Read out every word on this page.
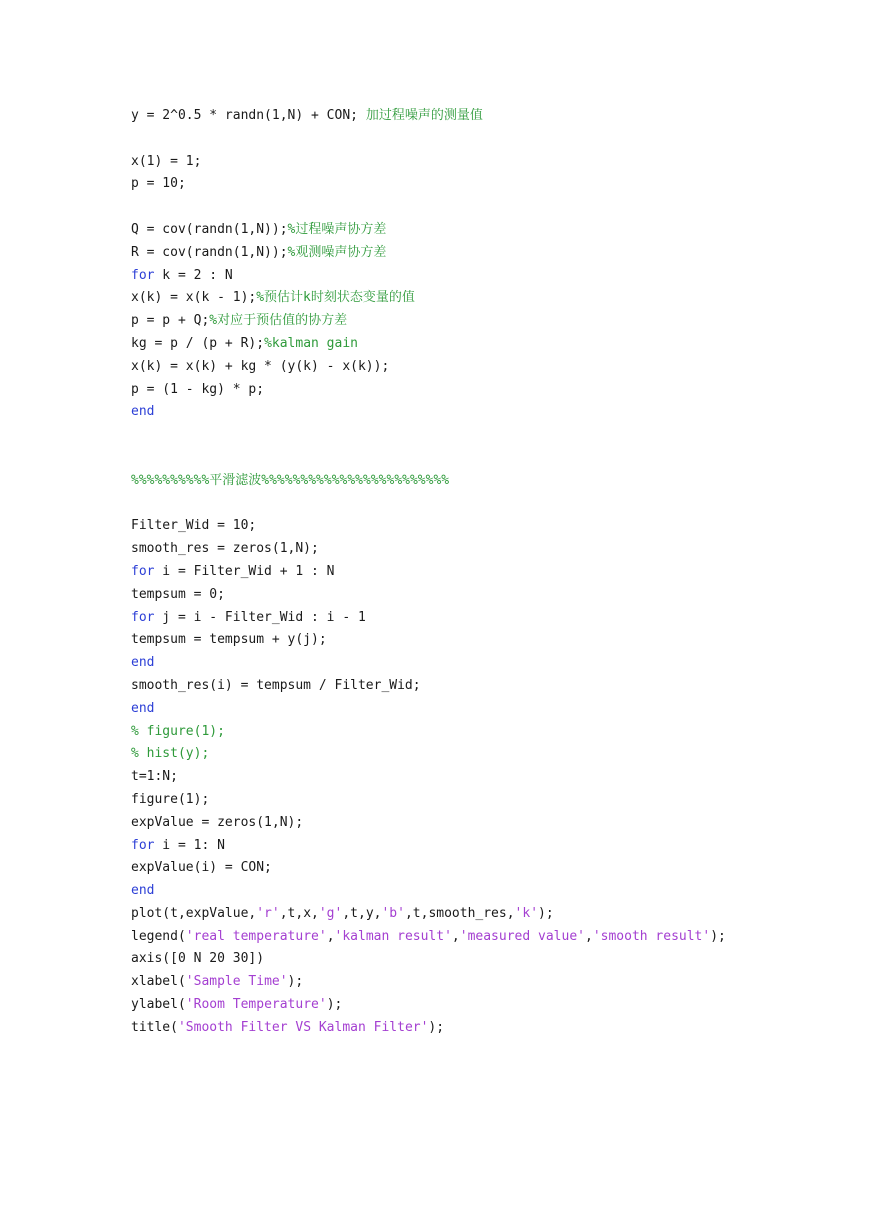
y = 2^0.5 * randn(1,N) + CON; 加过程噪声的测量值
x(1) = 1;
p = 10;
Q = cov(randn(1,N));%过程噪声协方差
R = cov(randn(1,N));%观测噪声协方差
for k = 2 : N
x(k) = x(k - 1);%预估计k时刻状态变量的值
p = p + Q;%对应于预估值的协方差
kg = p / (p + R);%kalman gain
x(k) = x(k) + kg * (y(k) - x(k));
p = (1 - kg) * p;
end
%%%%%%%%%%平滑滤波%%%%%%%%%%%%%%%%%%%%%%%%
Filter_Wid = 10;
smooth_res = zeros(1,N);
for i = Filter_Wid + 1 : N
tempsum = 0;
for j = i - Filter_Wid : i - 1
tempsum = tempsum + y(j);
end
smooth_res(i) = tempsum / Filter_Wid;
end
% figure(1);
% hist(y);
t=1:N;
figure(1);
expValue = zeros(1,N);
for i = 1: N
expValue(i) = CON;
end
plot(t,expValue,'r',t,x,'g',t,y,'b',t,smooth_res,'k');
legend('real temperature','kalman result','measured value','smooth result');
axis([0 N 20 30])
xlabel('Sample Time');
ylabel('Room Temperature');
title('Smooth Filter VS Kalman Filter');
